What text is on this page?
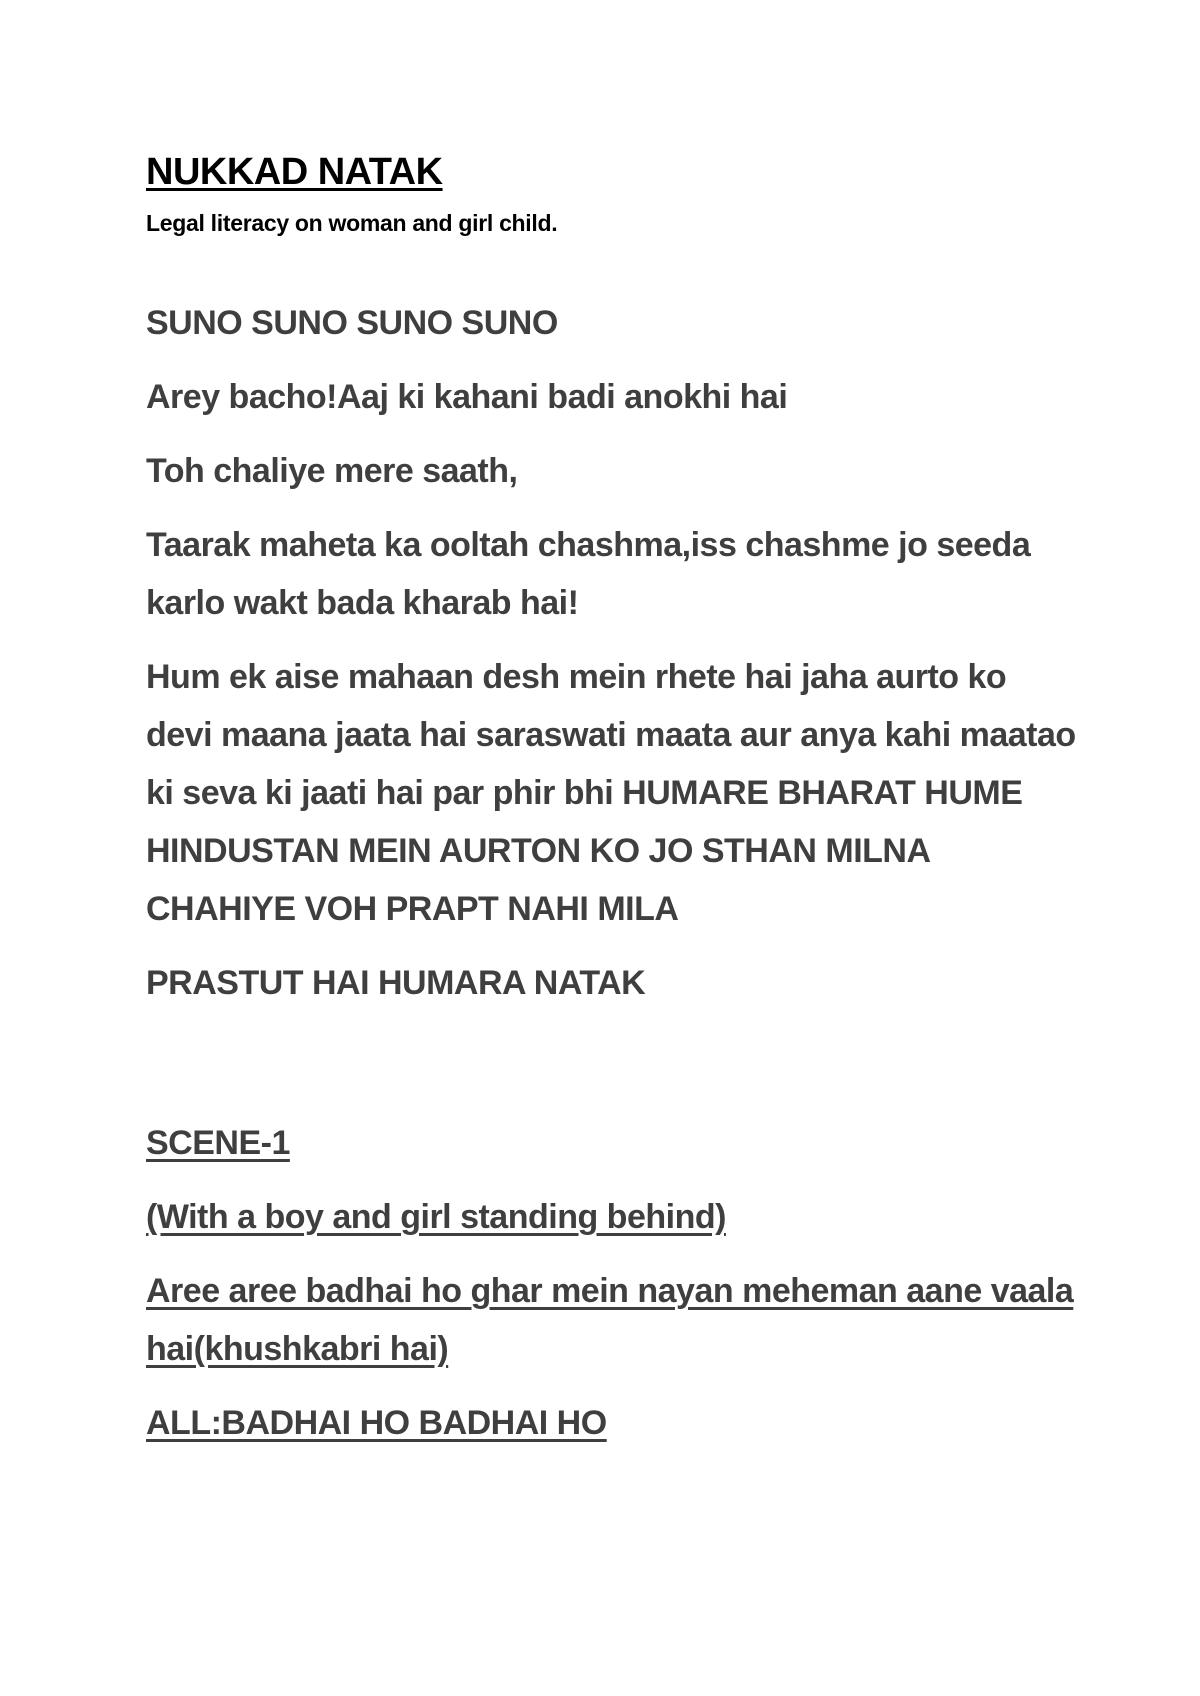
NUKKAD NATAK

Legal literacy on woman and girl child.

SUNO SUNO SUNO SUNO

Arey bacho!Aaj ki kahani badi anokhi hai

Toh chaliye mere saath,

Taarak maheta ka ooltah chashma,iss chashme jo seeda karlo wakt bada kharab hai!

Hum ek aise mahaan desh mein rhete hai jaha aurto ko devi maana jaata hai saraswati maata aur anya kahi maatao ki seva ki jaati hai par phir bhi HUMARE BHARAT HUME HINDUSTAN MEIN AURTON KO JO STHAN MILNA CHAHIYE VOH PRAPT NAHI MILA

PRASTUT HAI HUMARA NATAK

SCENE-1

(With a boy and girl standing behind)

Aree aree badhai ho ghar mein nayan meheman aane vaala hai(khushkabri hai)

ALL:BADHAI HO BADHAI HO
